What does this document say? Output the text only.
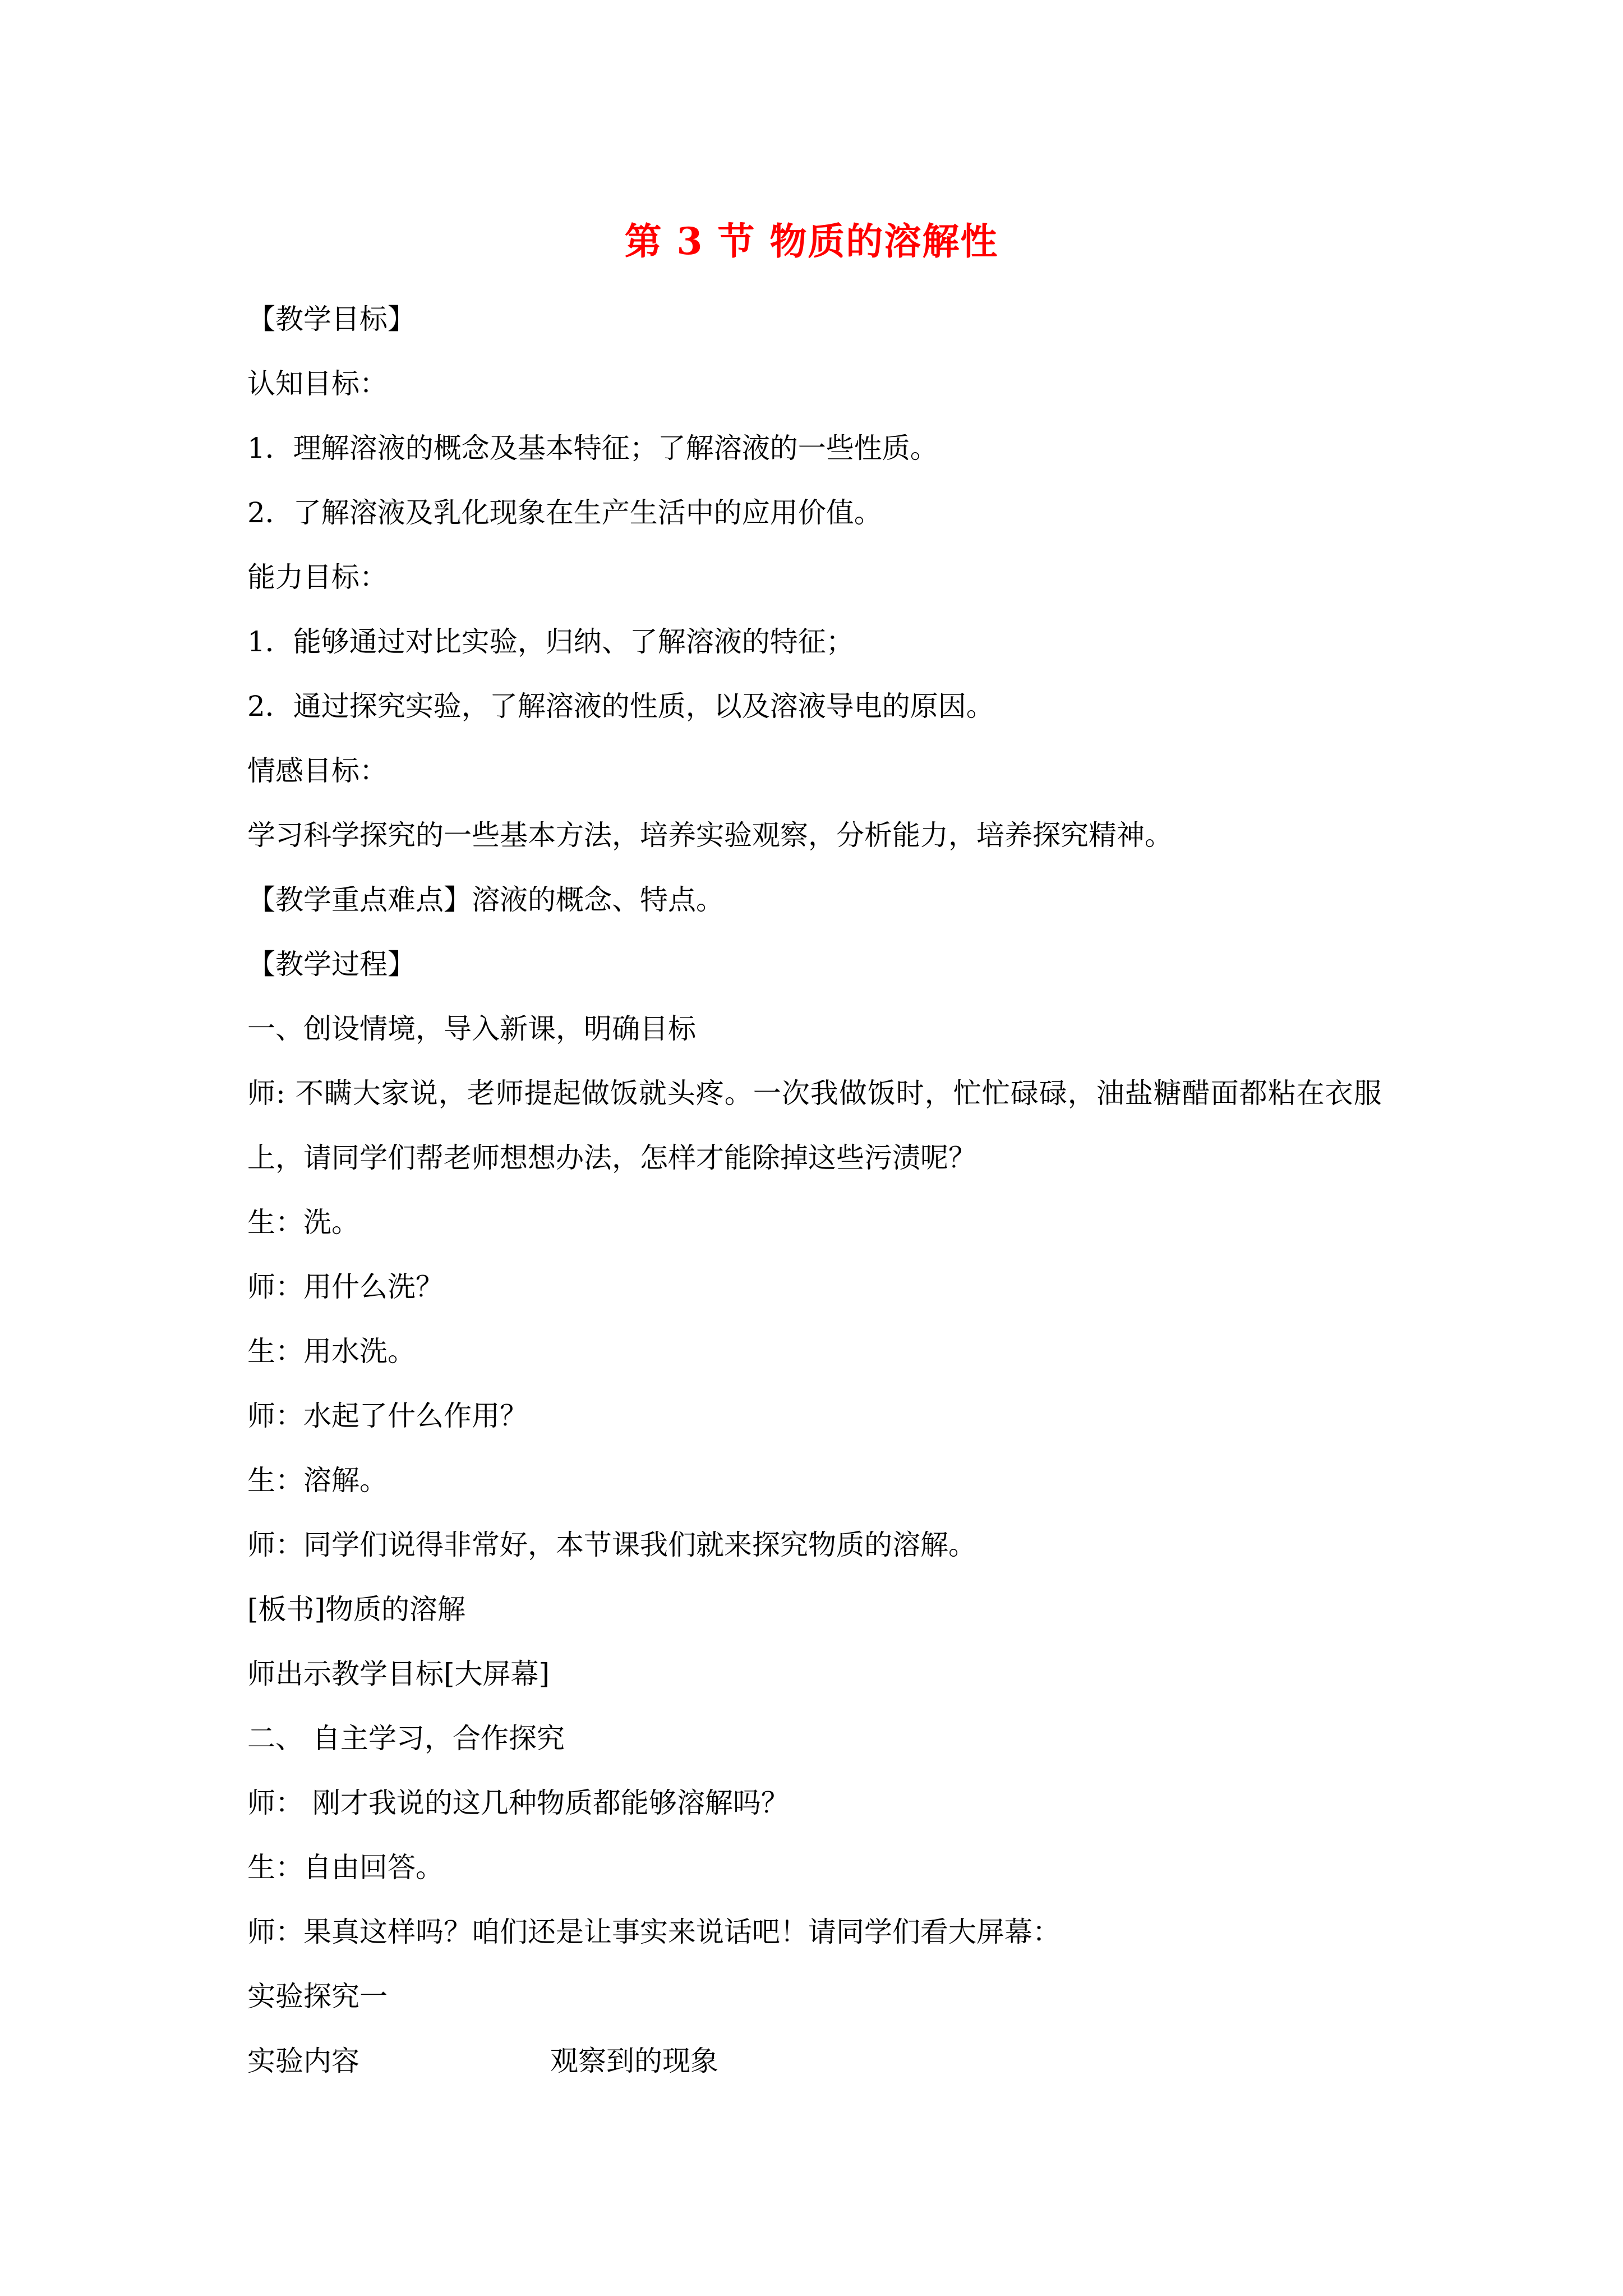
第 3 节 物质的溶解性
【教学目标】
认知目标：
1．理解溶液的概念及基本特征；了解溶液的一些性质。
2．了解溶液及乳化现象在生产生活中的应用价值。
能力目标：
1．能够通过对比实验，归纳、了解溶液的特征；
2．通过探究实验，了解溶液的性质，以及溶液导电的原因。
情感目标：
学习科学探究的一些基本方法，培养实验观察，分析能力，培养探究精神。
【教学重点难点】溶液的概念、特点。
【教学过程】
一、创设情境，导入新课，明确目标
师: 不瞒大家说，老师提起做饭就头疼。一次我做饭时，忙忙碌碌，油盐糖醋面都粘在衣服
上，请同学们帮老师想想办法，怎样才能除掉这些污渍呢？
生：洗。
师：用什么洗？
生：用水洗。
师：水起了什么作用？
生：溶解。
师：同学们说得非常好，本节课我们就来探究物质的溶解。
[板书]物质的溶解
师出示教学目标[大屏幕]
二、 自主学习，合作探究
师： 刚才我说的这几种物质都能够溶解吗？
生：自由回答。
师：果真这样吗？咱们还是让事实来说话吧！请同学们看大屏幕：
实验探究一
实验内容	观察到的现象
